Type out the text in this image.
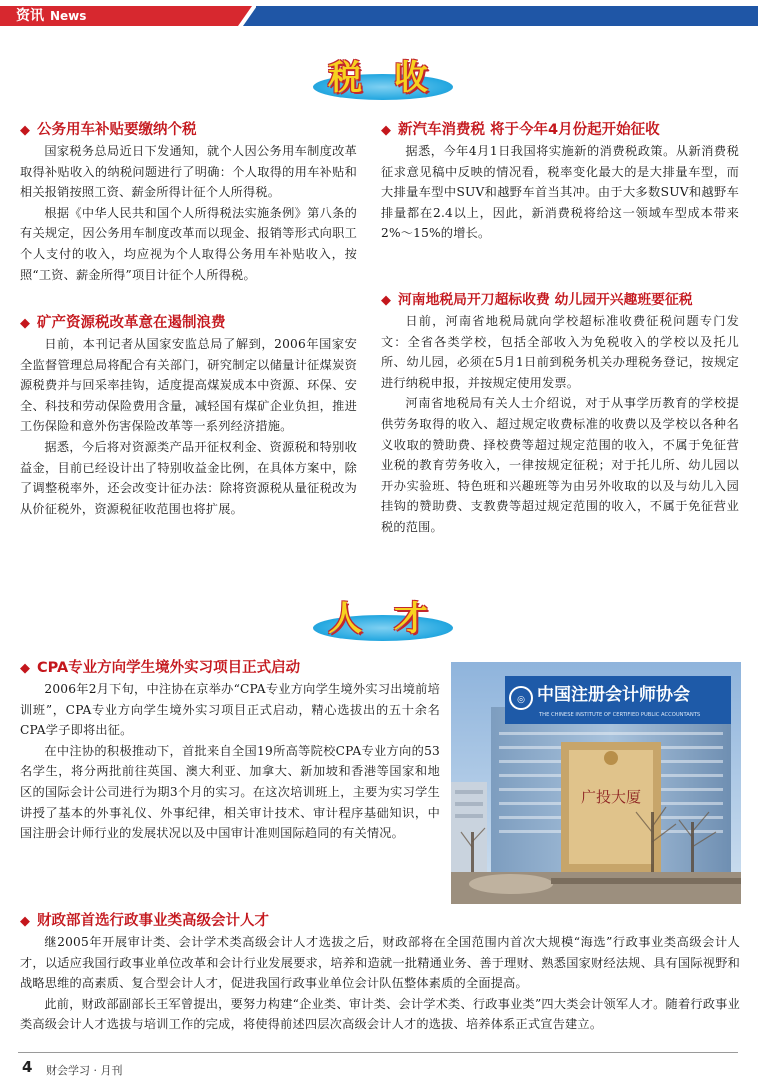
资讯 News
税 收
◆ 公务用车补贴要缴纳个税

国家税务总局近日下发通知，就个人因公务用车制度改革取得补贴收入的纳税问题进行了明确：个人取得的用车补贴和相关报销按照工资、薪金所得计征个人所得税。

根据《中华人民共和国个人所得税法实施条例》第八条的有关规定，因公务用车制度改革而以现金、报销等形式向职工个人支付的收入，均应视为个人取得公务用车补贴收入，按照“工资、薪金所得”项目计征个人所得税。

◆ 矿产资源税改革意在遏制浪费

日前，本刊记者从国家安监总局了解到，2006年国家安全监督管理总局将配合有关部门，研究制定以储量计征煤炭资源税费并与回采率挂钩，适度提高煤炭成本中资源、环保、安全、科技和劳动保险费用含量，减轻国有煤矿企业负担，推进工伤保险和意外伤害保险改革等一系列经济措施。

据悉，今后将对资源类产品开征权利金、资源税和特别收益金，目前已经设计出了特别收益金比例，在具体方案中，除了调整税率外，还会改变计征办法：除将资源税从量征税改为从价征税外，资源税征收范围也将扩展。

◆ 新汽车消费税 将于今年4月份起开始征收

据悉，今年4月1日我国将实施新的消费税政策。从新消费税征求意见稿中反映的情况看，税率变化最大的是大排量车型，而大排量车型中SUV和越野车首当其冲。由于大多数SUV和越野车排量都在2.4以上，因此，新消费税将给这一领域车型成本带来2%～15%的增长。

◆ 河南地税局开刀超标收费 幼儿园开兴趣班要征税

日前，河南省地税局就向学校超标准收费征税问题专门发文：全省各类学校，包括全部收入为免税收入的学校以及托儿所、幼儿园，必须在5月1日前到税务机关办理税务登记，按规定进行纳税申报，并按规定使用发票。

河南省地税局有关人士介绍说，对于从事学历教育的学校提供劳务取得的收入、超过规定收费标准的收费以及学校以各种名义收取的赞助费、择校费等超过规定范围的收入，不属于免征营业税的教育劳务收入，一律按规定征税；对于托儿所、幼儿园以开办实验班、特色班和兴趣班等为由另外收取的以及与幼儿入园挂钩的赞助费、支教费等超过规定范围的收入，不属于免征营业税的范围。

人 才
◆ CPA专业方向学生境外实习项目正式启动

2006年2月下旬，中注协在京举办“CPA专业方向学生境外实习出境前培训班”，CPA专业方向学生境外实习项目正式启动，精心选拔出的五十余名CPA学子即将出征。

在中注协的积极推动下，首批来自全国19所高等院校CPA专业方向的53名学生，将分两批前往英国、澳大利亚、加拿大、新加坡和香港等国家和地区的国际会计公司进行为期3个月的实习。在这次培训班上，主要为实习学生讲授了基本的外事礼仪、外事纪律，相关审计技术、审计程序基础知识，中国注册会计师行业的发展状况以及中国审计准则国际趋同的有关情况。

◎ 中国注册会计师协会
THE CHINESE INSTITUTE OF CERTIFIED PUBLIC ACCOUNTANTS
广投大厦
◆ 财政部首选行政事业类高级会计人才

继2005年开展审计类、会计学术类高级会计人才选拔之后，财政部将在全国范围内首次大规模“海选”行政事业类高级会计人才，以适应我国行政事业单位改革和会计行业发展要求，培养和造就一批精通业务、善于理财、熟悉国家财经法规、具有国际视野和战略思维的高素质、复合型会计人才，促进我国行政事业单位会计队伍整体素质的全面提高。

此前，财政部副部长王军曾提出，要努力构建“企业类、审计类、会计学术类、行政事业类”四大类会计领军人才。随着行政事业类高级会计人才选拔与培训工作的完成，将使得前述四层次高级会计人才的选拔、培养体系正式宣告建立。

4 财会学习 · 月刊
